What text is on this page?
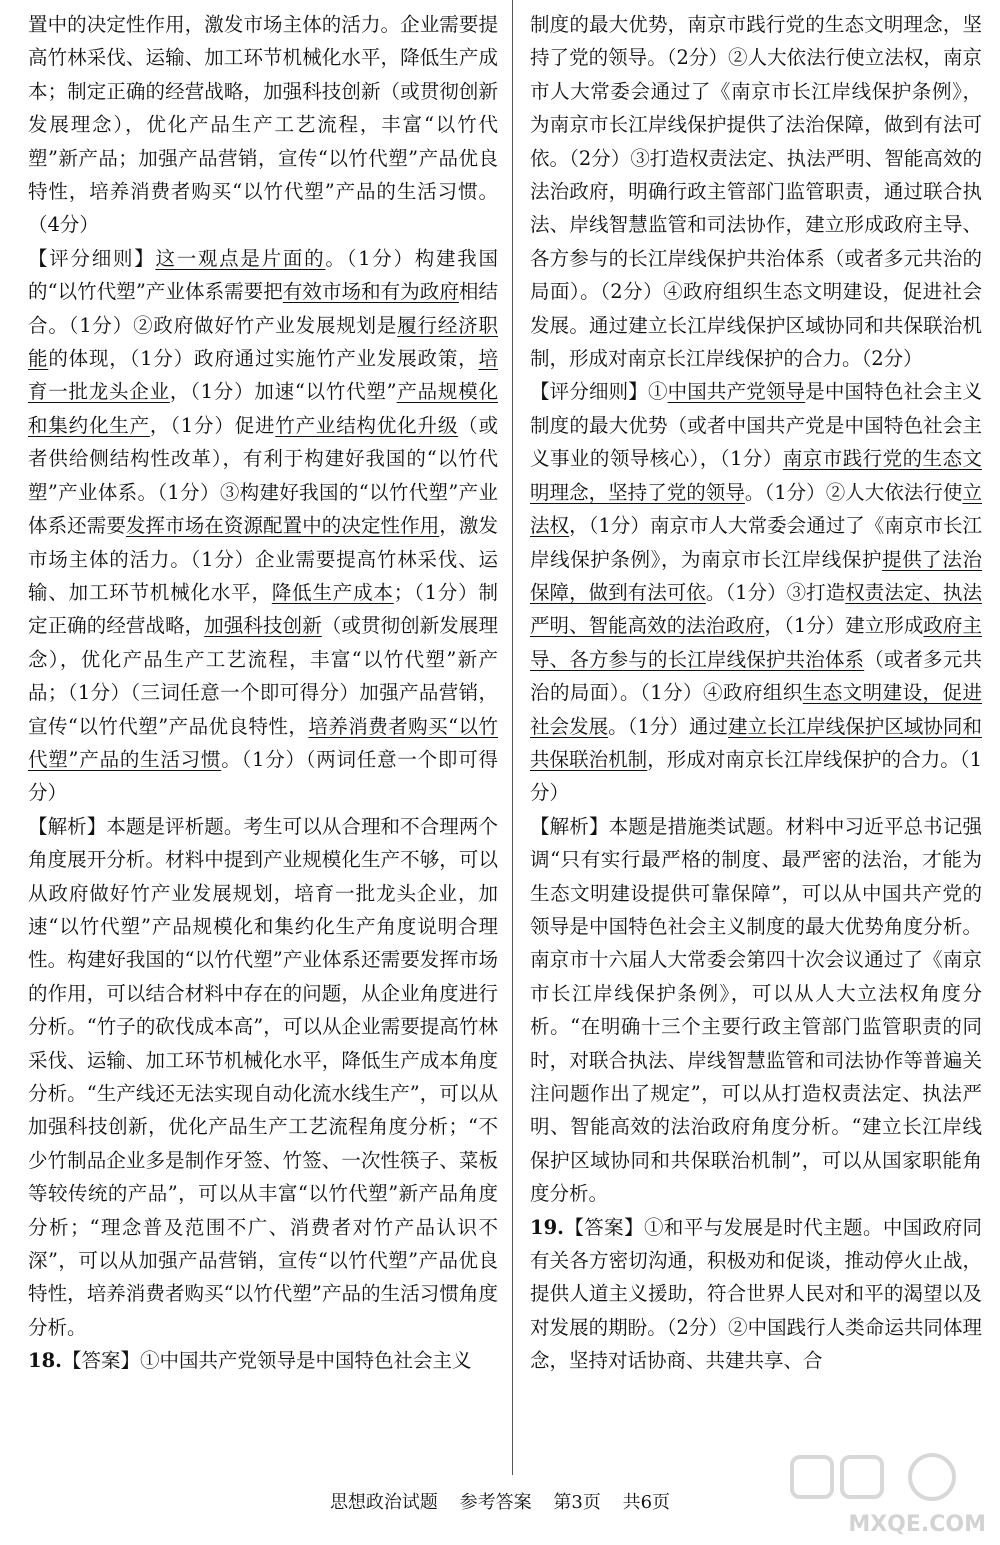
置中的决定性作用，激发市场主体的活力。企业需要提高竹林采伐、运输、加工环节机械化水平，降低生产成本；制定正确的经营战略，加强科技创新（或贯彻创新发展理念），优化产品生产工艺流程，丰富“以竹代塑”新产品；加强产品营销，宣传“以竹代塑”产品优良特性，培养消费者购买“以竹代塑”产品的生活习惯。（4分）

【评分细则】这一观点是片面的。（1分）构建我国的“以竹代塑”产业体系需要把有效市场和有为政府相结合。（1分）②政府做好竹产业发展规划是履行经济职能的体现，（1分）政府通过实施竹产业发展政策，培育一批龙头企业，（1分）加速“以竹代塑”产品规模化和集约化生产，（1分）促进竹产业结构优化升级（或者供给侧结构性改革），有利于构建好我国的“以竹代塑”产业体系。（1分）③构建好我国的“以竹代塑”产业体系还需要发挥市场在资源配置中的决定性作用，激发市场主体的活力。（1分）企业需要提高竹林采伐、运输、加工环节机械化水平，降低生产成本；（1分）制定正确的经营战略，加强科技创新（或贯彻创新发展理念），优化产品生产工艺流程，丰富“以竹代塑”新产品；（1分）（三词任意一个即可得分）加强产品营销，宣传“以竹代塑”产品优良特性，培养消费者购买“以竹代塑”产品的生活习惯。（1分）（两词任意一个即可得分）

【解析】本题是评析题。考生可以从合理和不合理两个角度展开分析。材料中提到产业规模化生产不够，可以从政府做好竹产业发展规划，培育一批龙头企业，加速“以竹代塑”产品规模化和集约化生产角度说明合理性。构建好我国的“以竹代塑”产业体系还需要发挥市场的作用，可以结合材料中存在的问题，从企业角度进行分析。“竹子的砍伐成本高”，可以从企业需要提高竹林采伐、运输、加工环节机械化水平，降低生产成本角度分析。“生产线还无法实现自动化流水线生产”，可以从加强科技创新，优化产品生产工艺流程角度分析；“不少竹制品企业多是制作牙签、竹签、一次性筷子、菜板等较传统的产品”，可以从丰富“以竹代塑”新产品角度分析；“理念普及范围不广、消费者对竹产品认识不深”，可以从加强产品营销，宣传“以竹代塑”产品优良特性，培养消费者购买“以竹代塑”产品的生活习惯角度分析。

18.【答案】①中国共产党领导是中国特色社会主义

制度的最大优势，南京市践行党的生态文明理念，坚持了党的领导。（2分）②人大依法行使立法权，南京市人大常委会通过了《南京市长江岸线保护条例》，为南京市长江岸线保护提供了法治保障，做到有法可依。（2分）③打造权责法定、执法严明、智能高效的法治政府，明确行政主管部门监管职责，通过联合执法、岸线智慧监管和司法协作，建立形成政府主导、各方参与的长江岸线保护共治体系（或者多元共治的局面）。（2分）④政府组织生态文明建设，促进社会发展。通过建立长江岸线保护区域协同和共保联治机制，形成对南京长江岸线保护的合力。（2分）

【评分细则】①中国共产党领导是中国特色社会主义制度的最大优势（或者中国共产党是中国特色社会主义事业的领导核心），（1分）南京市践行党的生态文明理念，坚持了党的领导。（1分）②人大依法行使立法权，（1分）南京市人大常委会通过了《南京市长江岸线保护条例》，为南京市长江岸线保护提供了法治保障，做到有法可依。（1分）③打造权责法定、执法严明、智能高效的法治政府，（1分）建立形成政府主导、各方参与的长江岸线保护共治体系（或者多元共治的局面）。（1分）④政府组织生态文明建设，促进社会发展。（1分）通过建立长江岸线保护区域协同和共保联治机制，形成对南京长江岸线保护的合力。（1分）

【解析】本题是措施类试题。材料中习近平总书记强调“只有实行最严格的制度、最严密的法治，才能为生态文明建设提供可靠保障”，可以从中国共产党的领导是中国特色社会主义制度的最大优势角度分析。南京市十六届人大常委会第四十次会议通过了《南京市长江岸线保护条例》，可以从人大立法权角度分析。“在明确十三个主要行政主管部门监管职责的同时，对联合执法、岸线智慧监管和司法协作等普遍关注问题作出了规定”，可以从打造权责法定、执法严明、智能高效的法治政府角度分析。“建立长江岸线保护区域协同和共保联治机制”，可以从国家职能角度分析。

19.【答案】①和平与发展是时代主题。中国政府同有关各方密切沟通，积极劝和促谈，推动停火止战，提供人道主义援助，符合世界人民对和平的渴望以及对发展的期盼。（2分）②中国践行人类命运共同体理念，坚持对话协商、共建共享、合

思想政治试题 参考答案 第3页 共6页
MXQE.COM
